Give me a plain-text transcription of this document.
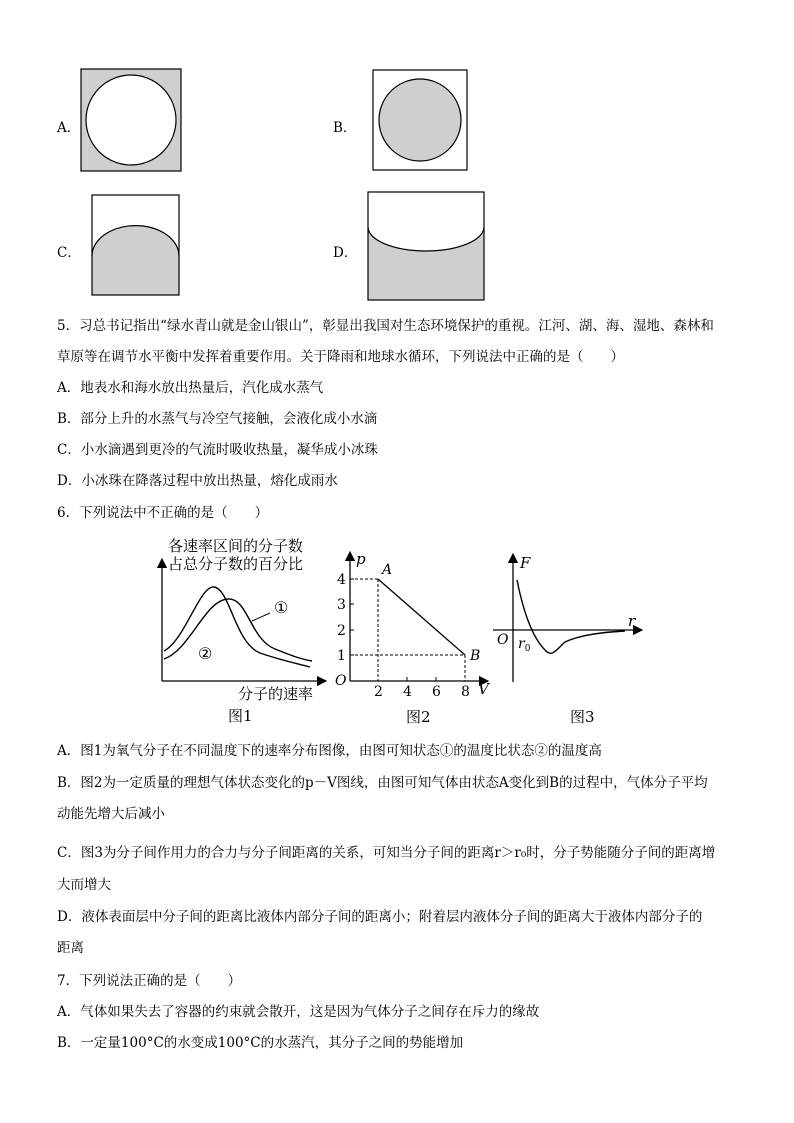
A．	B．
C．	D．
5．习总书记指出“绿水青山就是金山银山”，彰显出我国对生态环境保护的重视。江河、湖、海、湿地、森林和
草原等在调节水平衡中发挥着重要作用。关于降雨和地球水循环，下列说法中正确的是（　　）
A．地表水和海水放出热量后，汽化成水蒸气
B．部分上升的水蒸气与冷空气接触，会液化成小水滴
C．小水滴遇到更冷的气流时吸收热量，凝华成小冰珠
D．小冰珠在降落过程中放出热量，熔化成雨水
6．下列说法中不正确的是（　　）
各速率区间的分子数
占总分子数的百分比
①
②
分子的速率
图1
p
A
B
4
3
2
1
O
2 4 6 8 V
图2
F
r
O $r_0$
图3
A．图1为氧气分子在不同温度下的速率分布图像，由图可知状态①的温度比状态②的温度高
B．图2为一定质量的理想气体状态变化的p－V图线，由图可知气体由状态A变化到B的过程中，气体分子平均
动能先增大后减小
C．图3为分子间作用力的合力与分子间距离的关系，可知当分子间的距离r＞r₀时，分子势能随分子间的距离增
大而增大
D．液体表面层中分子间的距离比液体内部分子间的距离小；附着层内液体分子间的距离大于液体内部分子的
距离
7．下列说法正确的是（　　）
A．气体如果失去了容器的约束就会散开，这是因为气体分子之间存在斥力的缘故
B．一定量100°C的水变成100°C的水蒸汽，其分子之间的势能增加
